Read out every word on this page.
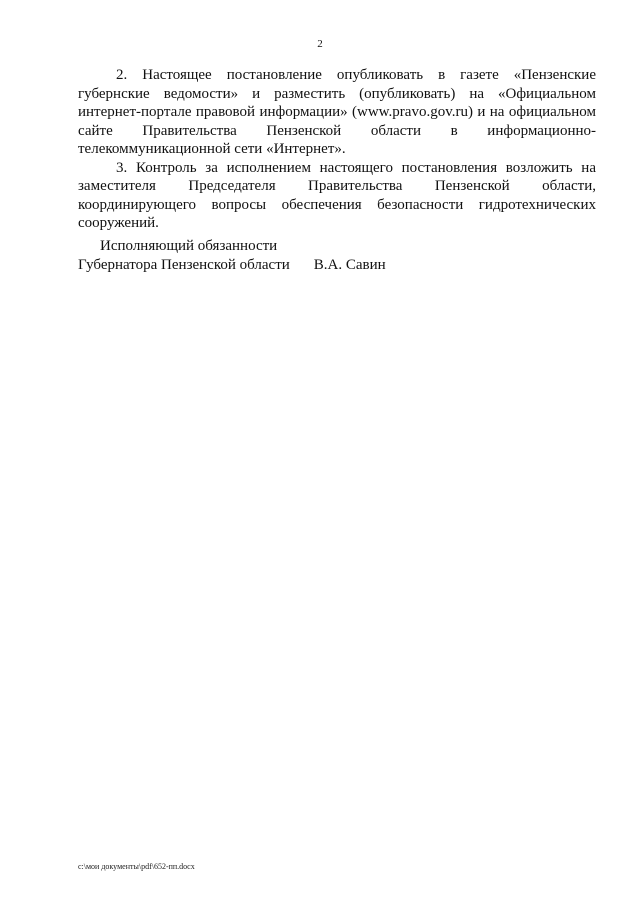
2

2. Настоящее постановление опубликовать в газете «Пензенские губернские ведомости» и разместить (опубликовать) на «Официальном интернет-портале правовой информации» (www.pravo.gov.ru) и на официальном сайте Правительства Пензенской области в информационно-телекоммуникационной сети «Интернет».

3. Контроль за исполнением настоящего постановления возложить на заместителя Председателя Правительства Пензенской области, координирующего вопросы обеспечения безопасности гидротехнических сооружений.

Исполняющий обязанности
Губернатора Пензенской области В.А. Савин
c:\мои документы\pdf\652-пп.docx
